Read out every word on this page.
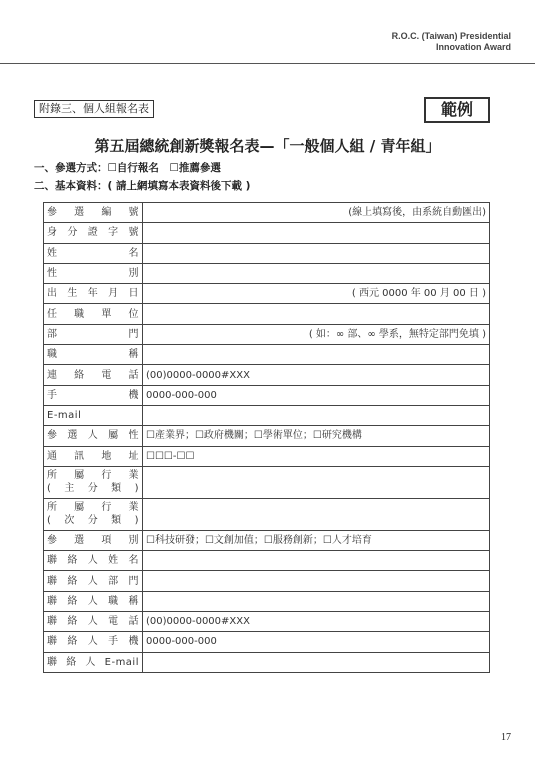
R.O.C. (Taiwan) Presidential
Innovation Award
附錄三、個人組報名表	範例
第五屆總統創新獎報名表—「一般個人組 / 青年組」
一、參選方式：☐自行報名　☐推薦參選
二、基本資料：( 請上網填寫本表資料後下載 )
參選編號	(線上填寫後，由系統自動匯出)

身分證字號	

姓名	

性別	

出生年月日	( 西元 0000 年 00 月 00 日 )

任職單位	

部門	( 如：∞ 部、∞ 學系，無特定部門免填 )

職稱	

連絡電話	(00)0000-0000#XXX

手機	0000-000-000

E-mail	

參選人屬性	☐產業界；☐政府機關；☐學術單位；☐研究機構

通訊地址	☐☐☐-☐☐

所屬行業
(主分類)	

所屬行業
(次分類)	

參選項別	☐科技研發；☐文創加值；☐服務創新；☐人才培育

聯絡人姓名	

聯絡人部門	

聯絡人職稱	

聯絡人電話	(00)0000-0000#XXX

聯絡人手機	0000-000-000

聯絡人E-mail	

17
